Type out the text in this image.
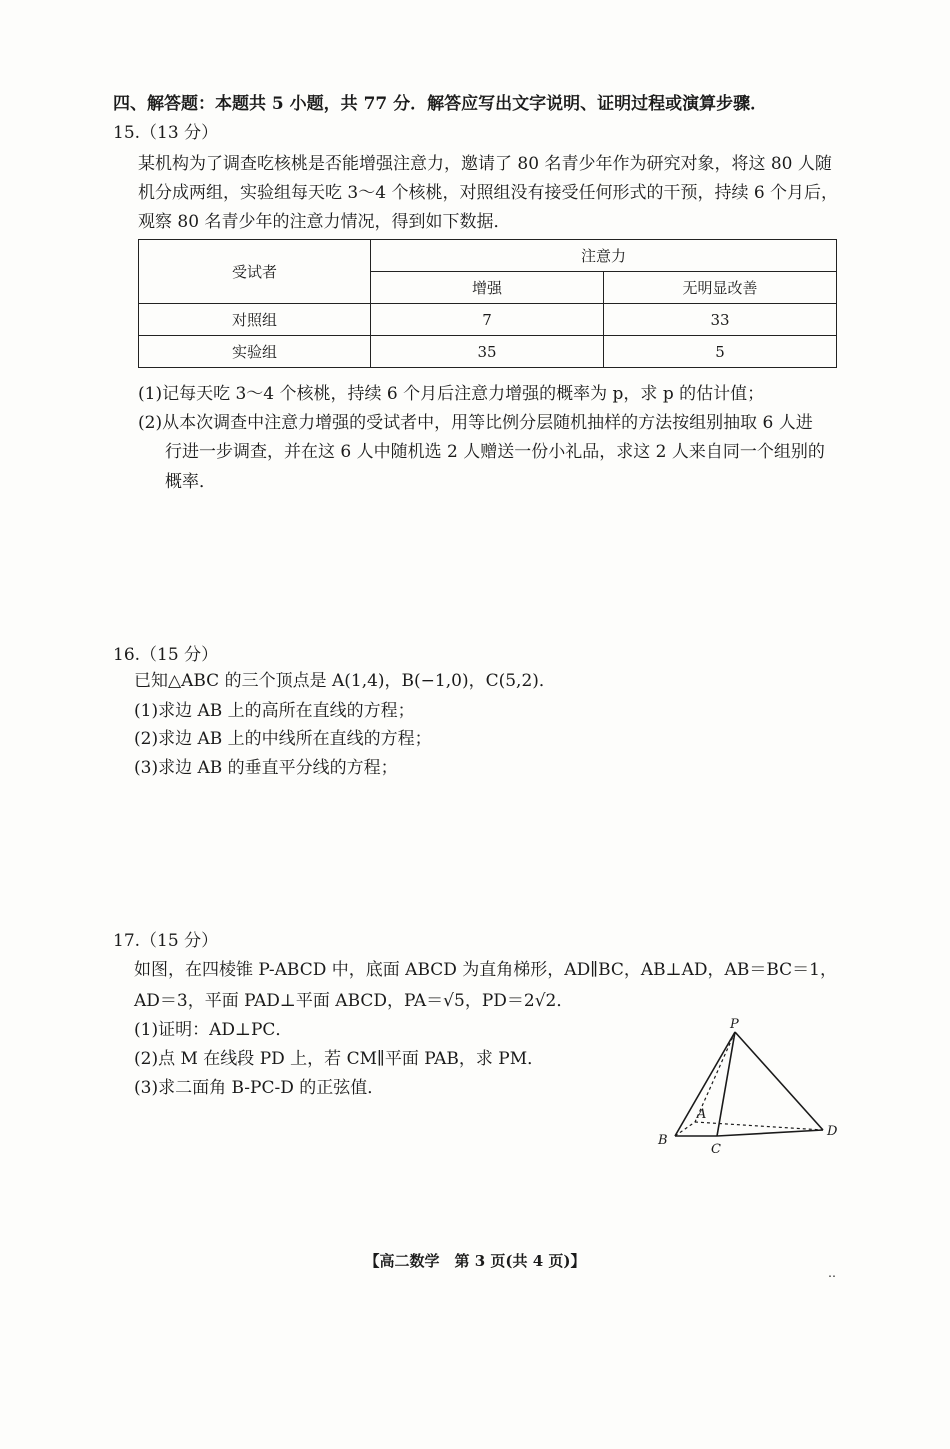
四、解答题：本题共 5 小题，共 77 分．解答应写出文字说明、证明过程或演算步骤．
15.（13 分）
某机构为了调查吃核桃是否能增强注意力，邀请了 80 名青少年作为研究对象，将这 80 人随
机分成两组，实验组每天吃 3～4 个核桃，对照组没有接受任何形式的干预，持续 6 个月后，
观察 80 名青少年的注意力情况，得到如下数据．
受试者	注意力	
	增强	无明显改善
对照组	7	33
实验组	35	5
(1)记每天吃 3～4 个核桃，持续 6 个月后注意力增强的概率为 p，求 p 的估计值；
(2)从本次调查中注意力增强的受试者中，用等比例分层随机抽样的方法按组别抽取 6 人进
行进一步调查，并在这 6 人中随机选 2 人赠送一份小礼品，求这 2 人来自同一个组别的
概率．
16.（15 分）
已知△ABC 的三个顶点是 A(1,4)，B(−1,0)，C(5,2)．
(1)求边 AB 上的高所在直线的方程；
(2)求边 AB 上的中线所在直线的方程；
(3)求边 AB 的垂直平分线的方程；
17.（15 分）
如图，在四棱锥 P-ABCD 中，底面 ABCD 为直角梯形，AD∥BC，AB⊥AD，AB＝BC＝1，
AD＝3，平面 PAD⊥平面 ABCD，PA＝√5，PD＝2√2．
(1)证明：AD⊥PC．
(2)点 M 在线段 PD 上，若 CM∥平面 PAB，求 PM．
(3)求二面角 B-PC-D 的正弦值．
P
A
B
C
D
【高二数学　第 3 页(共 4 页)】
‥
